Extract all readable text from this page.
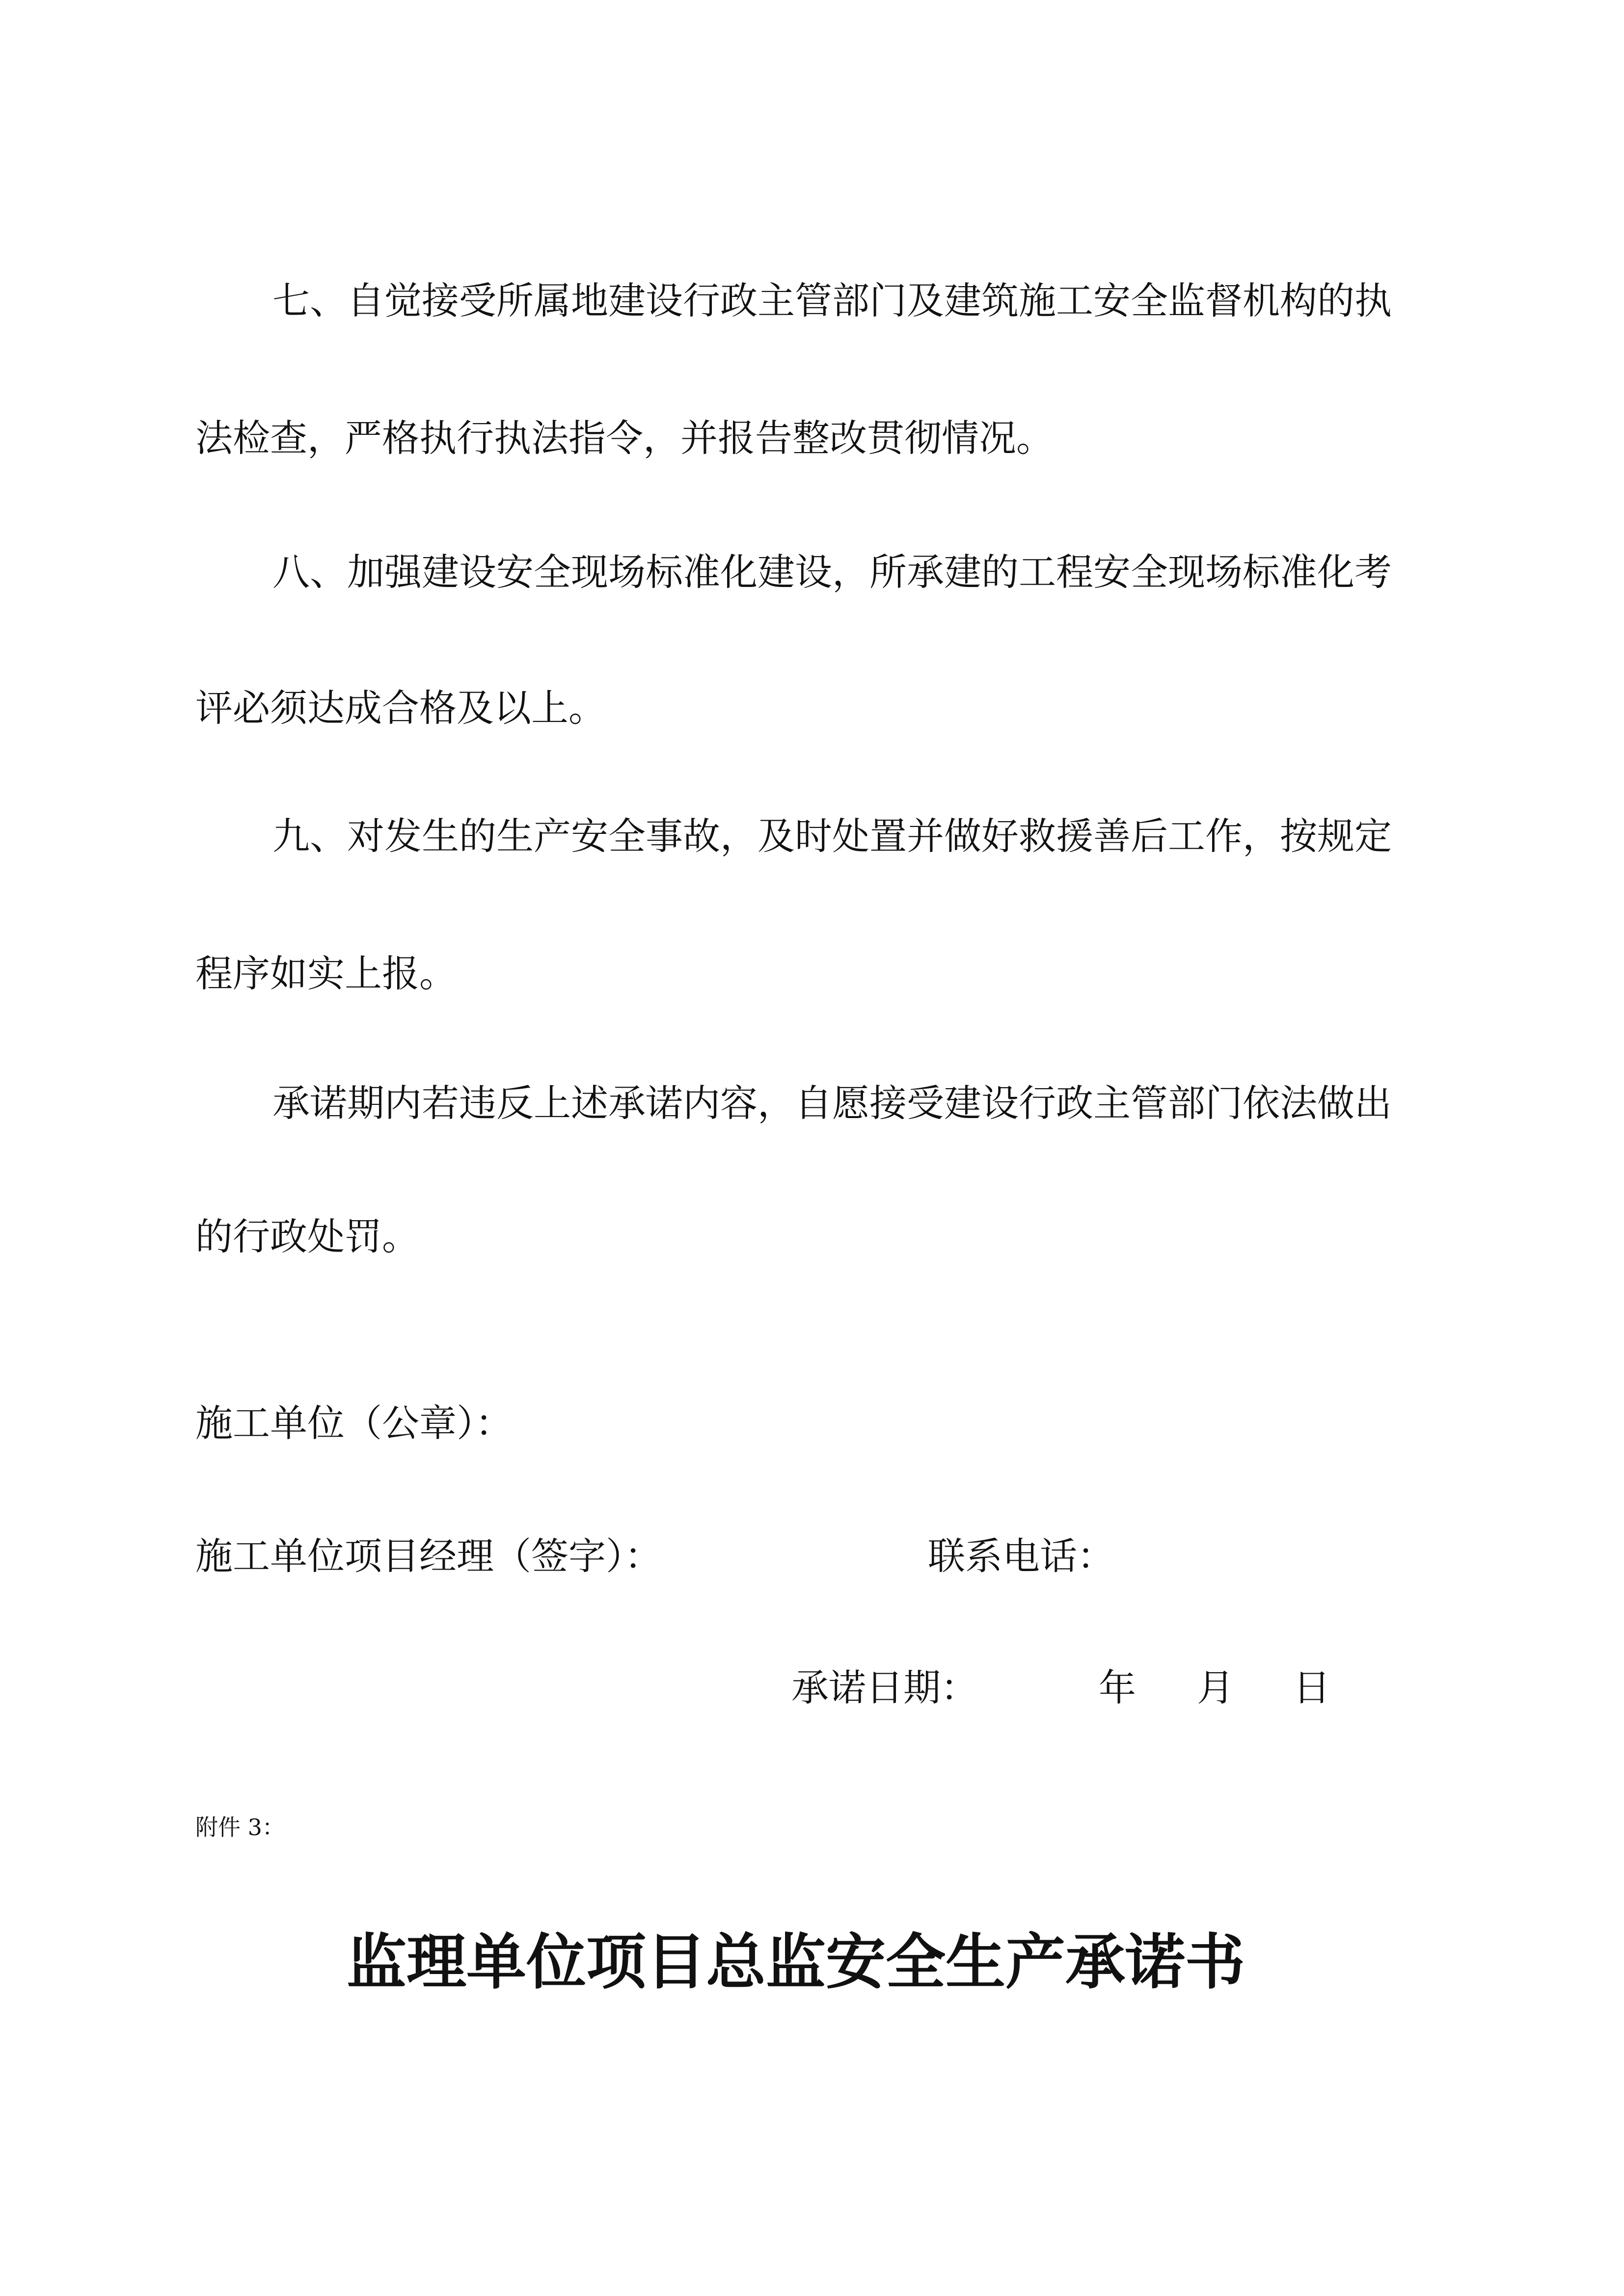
七、自觉接受所属地建设行政主管部门及建筑施工安全监督机构的执
法检查，严格执行执法指令，并报告整改贯彻情况。
八、加强建设安全现场标准化建设，所承建的工程安全现场标准化考
评必须达成合格及以上。
九、对发生的生产安全事故，及时处置并做好救援善后工作，按规定
程序如实上报。
承诺期内若违反上述承诺内容，自愿接受建设行政主管部门依法做出
的行政处罚。
施工单位（公章）：
施工单位项目经理（签字）：	联系电话：
承诺日期：	年 月 日
附件 3：
监理单位项目总监安全生产承诺书
